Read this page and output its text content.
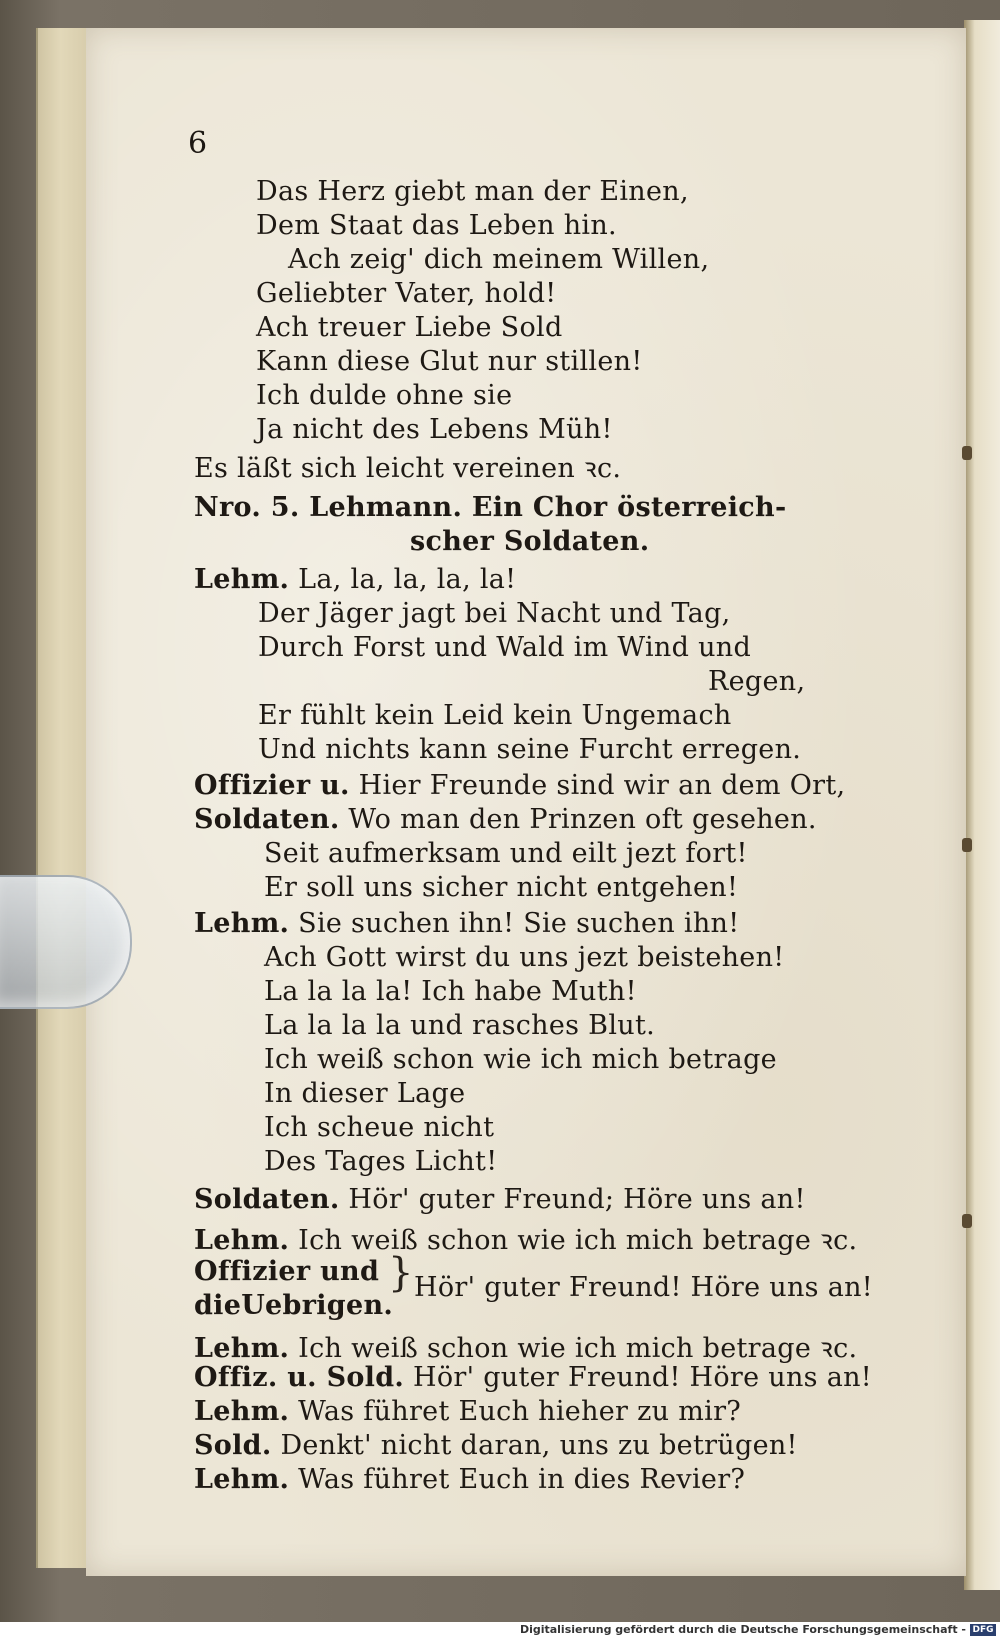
6
Das Herz giebt man der Einen,
Dem Staat das Leben hin.
Ach zeig' dich meinem Willen,
Geliebter Vater, hold!
Ach treuer Liebe Sold
Kann diese Glut nur stillen!
Ich dulde ohne sie
Ja nicht des Lebens Müh!
Es läßt sich leicht vereinen ꝛc.
Nro. 5. Lehmann. Ein Chor österreich-
scher Soldaten.
Lehm. La, la, la, la, la!
Der Jäger jagt bei Nacht und Tag,
Durch Forst und Wald im Wind und
Regen,
Er fühlt kein Leid kein Ungemach
Und nichts kann seine Furcht erregen.
Offizier u. Hier Freunde sind wir an dem Ort,
Soldaten. Wo man den Prinzen oft gesehen.
Seit aufmerksam und eilt jezt fort!
Er soll uns sicher nicht entgehen!
Lehm. Sie suchen ihn! Sie suchen ihn!
Ach Gott wirst du uns jezt beistehen!
La la la la! Ich habe Muth!
La la la la und rasches Blut.
Ich weiß schon wie ich mich betrage
In dieser Lage
Ich scheue nicht
Des Tages Licht!
Soldaten. Hör' guter Freund; Höre uns an!
Lehm. Ich weiß schon wie ich mich betrage ꝛc.
Offizier und
dieUebrigen.
} Hör' guter Freund! Höre uns an!
Lehm. Ich weiß schon wie ich mich betrage ꝛc.
Offiz. u. Sold. Hör' guter Freund! Höre uns an!
Lehm. Was führet Euch hieher zu mir?
Sold. Denkt' nicht daran, uns zu betrügen!
Lehm. Was führet Euch in dies Revier?
Digitalisierung gefördert durch die Deutsche Forschungsgemeinschaft - DFG
